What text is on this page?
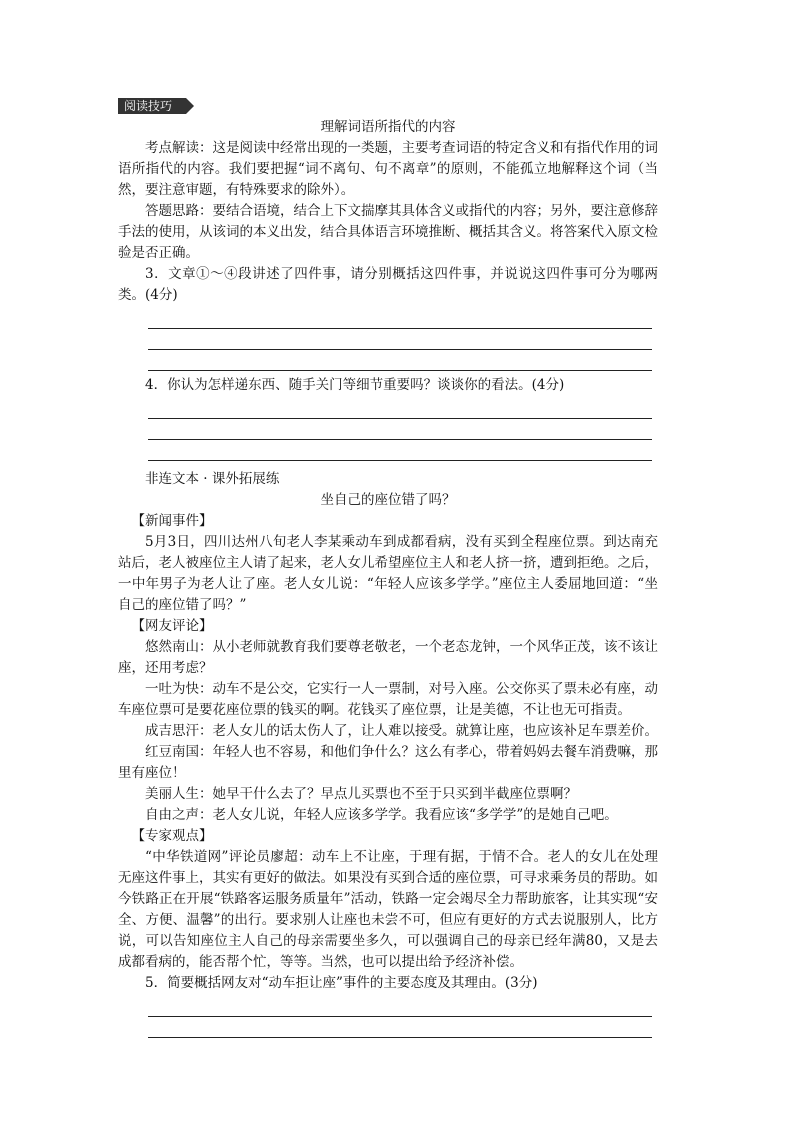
阅读技巧

理解词语所指代的内容

考点解读：这是阅读中经常出现的一类题，主要考查词语的特定含义和有指代作用的词语所指代的内容。我们要把握“词不离句、句不离章”的原则，不能孤立地解释这个词（当然，要注意审题，有特殊要求的除外）。

答题思路：要结合语境，结合上下文揣摩其具体含义或指代的内容；另外，要注意修辞手法的使用，从该词的本义出发，结合具体语言环境推断、概括其含义。将答案代入原文检验是否正确。

3．文章①～④段讲述了四件事，请分别概括这四件事，并说说这四件事可分为哪两类。(4分)

4．你认为怎样递东西、随手关门等细节重要吗？谈谈你的看法。(4分)

非连文本 · 课外拓展练

坐自己的座位错了吗？

【新闻事件】

5月3日，四川达州八旬老人李某乘动车到成都看病，没有买到全程座位票。到达南充站后，老人被座位主人请了起来，老人女儿希望座位主人和老人挤一挤，遭到拒绝。之后，一中年男子为老人让了座。老人女儿说：“年轻人应该多学学。”座位主人委屈地回道：“坐自己的座位错了吗？”

【网友评论】

悠然南山：从小老师就教育我们要尊老敬老，一个老态龙钟，一个风华正茂，该不该让座，还用考虑？

一吐为快：动车不是公交，它实行一人一票制，对号入座。公交你买了票未必有座，动车座位票可是要花座位票的钱买的啊。花钱买了座位票，让是美德，不让也无可指责。

成吉思汗：老人女儿的话太伤人了，让人难以接受。就算让座，也应该补足车票差价。

红豆南国：年轻人也不容易，和他们争什么？这么有孝心，带着妈妈去餐车消费嘛，那里有座位！

美丽人生：她早干什么去了？早点儿买票也不至于只买到半截座位票啊？

自由之声：老人女儿说，年轻人应该多学学。我看应该“多学学”的是她自己吧。

【专家观点】

“中华铁道网”评论员廖超：动车上不让座，于理有据，于情不合。老人的女儿在处理无座这件事上，其实有更好的做法。如果没有买到合适的座位票，可寻求乘务员的帮助。如今铁路正在开展“铁路客运服务质量年”活动，铁路一定会竭尽全力帮助旅客，让其实现“安全、方便、温馨”的出行。要求别人让座也未尝不可，但应有更好的方式去说服别人，比方说，可以告知座位主人自己的母亲需要坐多久，可以强调自己的母亲已经年满80，又是去成都看病的，能否帮个忙，等等。当然，也可以提出给予经济补偿。

5．简要概括网友对“动车拒让座”事件的主要态度及其理由。(3分)
